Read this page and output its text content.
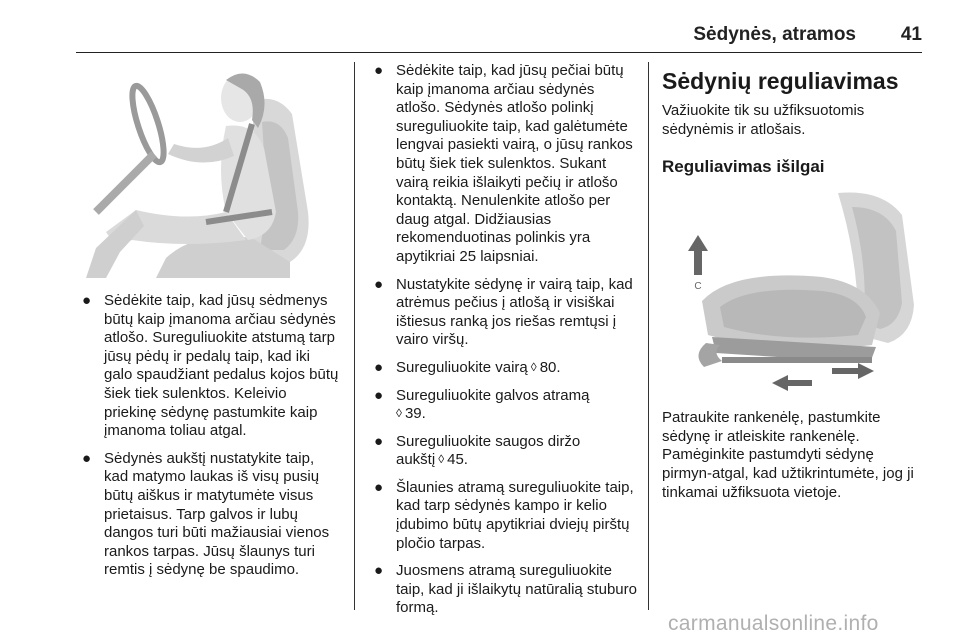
Sėdynės, atramos 41
● Sėdėkite taip, kad jūsų sėdmenys būtų kaip įmanoma arčiau sėdynės atlošo. Sureguliuokite atstumą tarp jūsų pėdų ir pedalų taip, kad iki galo spaudžiant pedalus kojos būtų šiek tiek sulenktos. Keleivio priekinę sėdynę pastumkite kaip įmanoma toliau atgal.
● Sėdynės aukštį nustatykite taip, kad matymo laukas iš visų pusių būtų aiškus ir matytumėte visus prietaisus. Tarp galvos ir lubų dangos turi būti mažiausiai vienos rankos tarpas. Jūsų šlaunys turi remtis į sėdynę be spaudimo.
● Sėdėkite taip, kad jūsų pečiai būtų kaip įmanoma arčiau sėdynės atlošo. Sėdynės atlošo polinkį sureguliuokite taip, kad galėtumėte lengvai pasiekti vairą, o jūsų rankos būtų šiek tiek sulenktos. Sukant vairą reikia išlaikyti pečių ir atlošo kontaktą. Nenulenkite atlošo per daug atgal. Didžiausias rekomenduotinas polinkis yra apytikriai 25 laipsniai.
● Nustatykite sėdynę ir vairą taip, kad atrėmus pečius į atlošą ir visiškai ištiesus ranką jos riešas remtųsi į vairo viršų.
● Sureguliuokite vairą ◊ 80.
● Sureguliuokite galvos atramą
◊ 39.
● Sureguliuokite saugos diržo aukštį ◊ 45.
● Šlaunies atramą sureguliuokite taip, kad tarp sėdynės kampo ir kelio įdubimo būtų apytikriai dviejų pirštų pločio tarpas.
● Juosmens atramą sureguliuokite taip, kad ji išlaikytų natūralią stuburo formą.
Sėdynių reguliavimas

Važiuokite tik su užfiksuotomis sėdynėmis ir atlošais.

Reguliavimas išilgai
C

Patraukite rankenėlę, pastumkite sėdynę ir atleiskite rankenėlę. Pamėginkite pastumdyti sėdynę pirmyn-atgal, kad užtikrintumėte, jog ji tinkamai užfiksuota vietoje.

carmanualsonline.info
